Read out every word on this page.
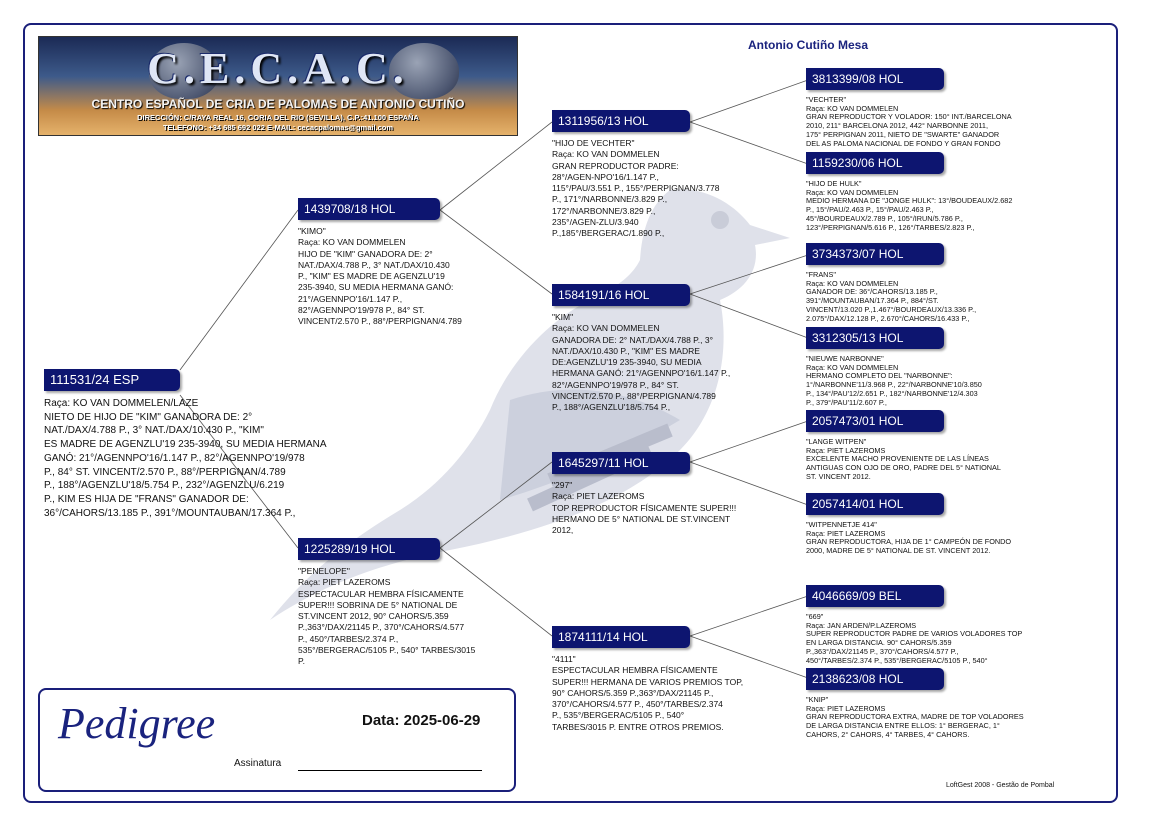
C.E.C.A.C.
CENTRO ESPAÑOL DE CRIA DE PALOMAS DE ANTONIO CUTIÑO
DIRECCIÓN: C/RAYA REAL 16, CORIA DEL RIO (SEVILLA), C.P.:41.100 ESPAÑA
TELEFONO: +34 685 692 022 E-MAIL: cecacpalomas@gmail.com
Antonio Cutiño Mesa
111531/24 ESP
Raça: KO VAN DOMMELEN/LAZE
NIETO DE HIJO DE "KIM" GANADORA DE: 2°
NAT./DAX/4.788 P., 3° NAT./DAX/10.430 P., "KIM"
ES MADRE DE AGENZLU'19 235-3940, SU MEDIA HERMANA
GANÓ: 21°/AGENNPO'16/1.147 P., 82°/AGENNPO'19/978
P., 84° ST. VINCENT/2.570 P., 88°/PERPIGNAN/4.789
P., 188°/AGENZLU'18/5.754 P., 232°/AGENZLU/6.219
P., KIM ES HIJA DE "FRANS" GANADOR DE:
36°/CAHORS/13.185 P., 391°/MOUNTAUBAN/17.364 P.,
1439708/18 HOL
"KIMO"
Raça: KO VAN DOMMELEN
HIJO DE "KIM" GANADORA DE: 2°
NAT./DAX/4.788 P., 3° NAT./DAX/10.430
P., "KIM" ES MADRE DE AGENZLU'19
235-3940, SU MEDIA HERMANA GANÓ:
21°/AGENNPO'16/1.147 P.,
82°/AGENNPO'19/978 P., 84° ST.
VINCENT/2.570 P., 88°/PERPIGNAN/4.789
1225289/19 HOL
"PENELOPE"
Raça: PIET LAZEROMS
ESPECTACULAR HEMBRA FÍSICAMENTE
SUPER!!! SOBRINA DE 5° NATIONAL DE
ST.VINCENT 2012, 90° CAHORS/5.359
P.,363°/DAX/21145 P., 370°/CAHORS/4.577
P., 450°/TARBES/2.374 P.,
535°/BERGERAC/5105 P., 540° TARBES/3015
P.
1311956/13 HOL
"HIJO DE VECHTER"
Raça: KO VAN DOMMELEN
GRAN REPRODUCTOR PADRE:
28°/AGEN-NPO'16/1.147 P.,
115°/PAU/3.551 P., 155°/PERPIGNAN/3.778
P., 171°/NARBONNE/3.829 P.,
172°/NARBONNE/3.829 P.,
235°/AGEN-ZLU/3.940
P.,185°/BERGERAC/1.890 P.,
1584191/16 HOL
"KIM"
Raça: KO VAN DOMMELEN
GANADORA DE: 2° NAT./DAX/4.788 P., 3°
NAT./DAX/10.430 P., "KIM" ES MADRE
DE:AGENZLU'19 235-3940, SU MEDIA
HERMANA GANÓ: 21°/AGENNPO'16/1.147 P.,
82°/AGENNPO'19/978 P., 84° ST.
VINCENT/2.570 P., 88°/PERPIGNAN/4.789
P., 188°/AGENZLU'18/5.754 P.,
1645297/11 HOL
"297"
Raça: PIET LAZEROMS
TOP REPRODUCTOR FÍSICAMENTE SUPER!!!
HERMANO DE 5° NATIONAL DE ST.VINCENT
2012,
1874111/14 HOL
"4111"
ESPECTACULAR HEMBRA FÍSICAMENTE
SUPER!!! HERMANA DE VARIOS PREMIOS TOP,
90° CAHORS/5.359 P.,363°/DAX/21145 P.,
370°/CAHORS/4.577 P., 450°/TARBES/2.374
P., 535°/BERGERAC/5105 P., 540°
TARBES/3015 P. ENTRE OTROS PREMIOS.
3813399/08 HOL
"VECHTER"
Raça: KO VAN DOMMELEN
GRAN REPRODUCTOR Y VOLADOR: 150° INT./BARCELONA
2010, 211° BARCELONA 2012, 442° NARBONNE 2011,
175° PERPIGNAN 2011, NIETO DE "SWARTE" GANADOR
DEL AS PALOMA NACIONAL DE FONDO Y GRAN FONDO
1159230/06 HOL
"HIJO DE HULK"
Raça: KO VAN DOMMELEN
MEDIO HERMANA DE "JONGE HULK": 13°/BOUDEAUX/2.682
P., 15°/PAU/2.463 P., 15°/PAU/2.463 P.,
45°/BOURDEAUX/2.789 P., 105°/IRUN/5.786 P.,
123°/PERPIGNAN/5.616 P., 126°/TARBES/2.823 P.,
3734373/07 HOL
"FRANS"
Raça: KO VAN DOMMELEN
GANADOR DE: 36°/CAHORS/13.185 P.,
391°/MOUNTAUBAN/17.364 P., 884°/ST.
VINCENT/13.020 P.,1.467°/BOURDEAUX/13.336 P.,
2.075°/DAX/12.128 P., 2.670°/CAHORS/16.433 P.,
3312305/13 HOL
"NIEUWE NARBONNE"
Raça: KO VAN DOMMELEN
HERMANO COMPLETO DEL "NARBONNE":
1°/NARBONNE'11/3.968 P., 22°/NARBONNE'10/3.850
P., 134°/PAU'12/2.651 P., 182°/NARBONNE'12/4.303
P., 379°/PAU'11/2.607 P.,
2057473/01 HOL
"LANGE WITPEN"
Raça: PIET LAZEROMS
EXCELENTE MACHO PROVENIENTE DE LAS LÍNEAS
ANTIGUAS CON OJO DE ORO, PADRE DEL 5° NATIONAL
ST. VINCENT 2012.
2057414/01 HOL
"WITPENNETJE 414"
Raça: PIET LAZEROMS
GRAN REPRODUCTORA, HIJA DE 1° CAMPEÓN DE FONDO
2000, MADRE DE 5° NATIONAL DE ST. VINCENT 2012.
4046669/09 BEL
"669"
Raça: JAN ARDEN/P.LAZEROMS
SUPER REPRODUCTOR PADRE DE VARIOS VOLADORES TOP
EN LARGA DISTANCIA. 90° CAHORS/5.359
P.,363°/DAX/21145 P., 370°/CAHORS/4.577 P.,
450°/TARBES/2.374 P., 535°/BERGERAC/5105 P., 540°
2138623/08 HOL
"KNIP"
Raça: PIET LAZEROMS
GRAN REPRODUCTORA EXTRA, MADRE DE TOP VOLADORES
DE LARGA DISTANCIA ENTRE ELLOS: 1° BERGERAC, 1°
CAHORS, 2° CAHORS, 4° TARBES, 4° CAHORS.
Pedigree	Data: 2025-06-29
Assinatura
LoftGest 2008 - Gestão de Pombal
